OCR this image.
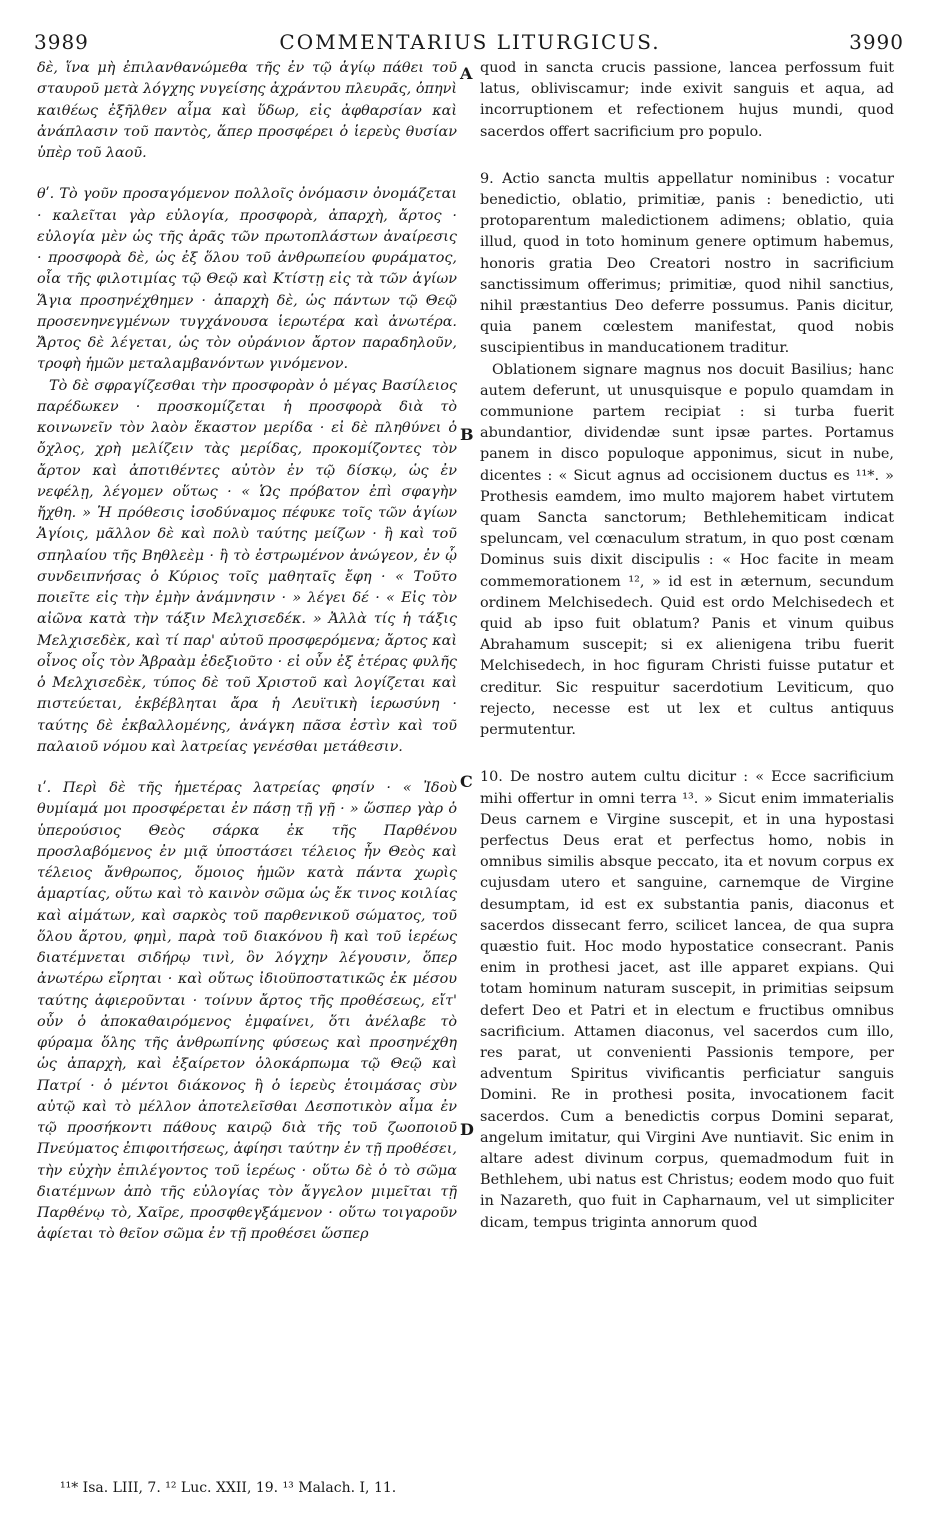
3989	COMMENTARIUS LITURGICUS.	3990

δὲ, ἵνα μὴ ἐπιλανθανώμεθα τῆς ἐν τῷ ἁγίῳ πάθει τοῦ σταυροῦ μετὰ λόγχης νυγείσης ἀχράντου πλευρᾶς, ὁπηνὶ καιθέως ἐξῆλθεν αἷμα καὶ ὕδωρ, εἰς ἀφθαρσίαν καὶ ἀνάπλασιν τοῦ παντὸς, ἅπερ προσφέρει ὁ ἱερεὺς θυσίαν ὑπὲρ τοῦ λαοῦ.

θʹ. Τὸ γοῦν προσαγόμενον πολλοῖς ὀνόμασιν ὀνομάζεται · καλεῖται γὰρ εὐλογία, προσφορὰ, ἀπαρχὴ, ἄρτος · εὐλογία μὲν ὡς τῆς ἀρᾶς τῶν πρωτοπλάστων ἀναίρεσις · προσφορὰ δὲ, ὡς ἐξ ὅλου τοῦ ἀνθρωπείου φυράματος, οἷα τῆς φιλοτιμίας τῷ Θεῷ καὶ Κτίστῃ εἰς τὰ τῶν ἁγίων Ἅγια προσηνέχθημεν · ἀπαρχὴ δὲ, ὡς πάντων τῷ Θεῷ προσενηνεγμένων τυγχάνουσα ἱερωτέρα καὶ ἀνωτέρα. Ἄρτος δὲ λέγεται, ὡς τὸν οὐράνιον ἄρτον παραδηλοῦν, τροφὴ ἡμῶν μεταλαμβανόντων γινόμενον.

Τὸ δὲ σφραγίζεσθαι τὴν προσφορὰν ὁ μέγας Βασίλειος παρέδωκεν · προσκομίζεται ἡ προσφορὰ διὰ τὸ κοινωνεῖν τὸν λαὸν ἕκαστον μερίδα · εἰ δὲ πληθύνει ὁ ὄχλος, χρὴ μελίζειν τὰς μερίδας, προκομίζοντες τὸν ἄρτον καὶ ἀποτιθέντες αὐτὸν ἐν τῷ δίσκῳ, ὡς ἐν νεφέλῃ, λέγομεν οὕτως · « Ὡς πρόβατον ἐπὶ σφαγὴν ἤχθη. » Ἡ πρόθεσις ἰσοδύναμος πέφυκε τοῖς τῶν ἁγίων Ἁγίοις, μᾶλλον δὲ καὶ πολὺ ταύτης μείζων · ἢ καὶ τοῦ σπηλαίου τῆς Βηθλεὲμ · ἢ τὸ ἐστρωμένον ἀνώγεον, ἐν ᾧ συνδειπνήσας ὁ Κύριος τοῖς μαθηταῖς ἔφη · « Τοῦτο ποιεῖτε εἰς τὴν ἐμὴν ἀνάμνησιν · » λέγει δέ · « Εἰς τὸν αἰῶνα κατὰ τὴν τάξιν Μελχισεδέκ. » Ἀλλὰ τίς ἡ τάξις Μελχισεδὲκ, καὶ τί παρ' αὐτοῦ προσφερόμενα; ἄρτος καὶ οἶνος οἷς τὸν Ἀβραὰμ ἐδεξιοῦτο · εἰ οὖν ἐξ ἑτέρας φυλῆς ὁ Μελχισεδὲκ, τύπος δὲ τοῦ Χριστοῦ καὶ λογίζεται καὶ πιστεύεται, ἐκβέβληται ἄρα ἡ Λευϊτικὴ ἱερωσύνη · ταύτης δὲ ἐκβαλλομένης, ἀνάγκη πᾶσα ἐστὶν καὶ τοῦ παλαιοῦ νόμου καὶ λατρείας γενέσθαι μετάθεσιν.

ιʹ. Περὶ δὲ τῆς ἡμετέρας λατρείας φησίν · « Ἰδοὺ θυμίαμά μοι προσφέρεται ἐν πάσῃ τῇ γῇ · » ὥσπερ γὰρ ὁ ὑπερούσιος Θεὸς σάρκα ἐκ τῆς Παρθένου προσλαβόμενος ἐν μιᾷ ὑποστάσει τέλειος ἦν Θεὸς καὶ τέλειος ἄνθρωπος, ὅμοιος ἡμῶν κατὰ πάντα χωρὶς ἁμαρτίας, οὕτω καὶ τὸ καινὸν σῶμα ὡς ἔκ τινος κοιλίας καὶ αἱμάτων, καὶ σαρκὸς τοῦ παρθενικοῦ σώματος, τοῦ ὅλου ἄρτου, φημὶ, παρὰ τοῦ διακόνου ἢ καὶ τοῦ ἱερέως διατέμνεται σιδήρῳ τινὶ, ὃν λόγχην λέγουσιν, ὅπερ ἀνωτέρω εἴρηται · καὶ οὕτως ἰδιοϋποστατικῶς ἐκ μέσου ταύτης ἀφιεροῦνται · τοίνυν ἄρτος τῆς προθέσεως, εἴτ' οὖν ὁ ἀποκαθαιρόμενος ἐμφαίνει, ὅτι ἀνέλαβε τὸ φύραμα ὅλης τῆς ἀνθρωπίνης φύσεως καὶ προσηνέχθη ὡς ἀπαρχὴ, καὶ ἐξαίρετον ὁλοκάρπωμα τῷ Θεῷ καὶ Πατρί · ὁ μέντοι διάκονος ἢ ὁ ἱερεὺς ἑτοιμάσας σὺν αὐτῷ καὶ τὸ μέλλον ἀποτελεῖσθαι Δεσποτικὸν αἷμα ἐν τῷ προσήκοντι πάθους καιρῷ διὰ τῆς τοῦ ζωοποιοῦ Πνεύματος ἐπιφοιτήσεως, ἀφίησι ταύτην ἐν τῇ προθέσει, τὴν εὐχὴν ἐπιλέγοντος τοῦ ἱερέως · οὕτω δὲ ὁ τὸ σῶμα διατέμνων ἀπὸ τῆς εὐλογίας τὸν ἄγγελον μιμεῖται τῇ Παρθένῳ τὸ, Χαῖρε, προσφθεγξάμενον · οὕτω τοιγαροῦν ἀφίεται τὸ θεῖον σῶμα ἐν τῇ προθέσει ὥσπερ

A
B
C
D

quod in sancta crucis passione, lancea perfossum fuit latus, obliviscamur; inde exivit sanguis et aqua, ad incorruptionem et refectionem hujus mundi, quod sacerdos offert sacrificium pro populo.

9. Actio sancta multis appellatur nominibus : vocatur benedictio, oblatio, primitiæ, panis : benedictio, uti protoparentum maledictionem adimens; oblatio, quia illud, quod in toto hominum genere optimum habemus, honoris gratia Deo Creatori nostro in sacrificium sanctissimum offerimus; primitiæ, quod nihil sanctius, nihil præstantius Deo deferre possumus. Panis dicitur, quia panem cœlestem manifestat, quod nobis suscipientibus in manducationem traditur.

Oblationem signare magnus nos docuit Basilius; hanc autem deferunt, ut unusquisque e populo quamdam in communione partem recipiat : si turba fuerit abundantior, dividendæ sunt ipsæ partes. Portamus panem in disco populoque apponimus, sicut in nube, dicentes : « Sicut agnus ad occisionem ductus es ¹¹*. » Prothesis eamdem, imo multo majorem habet virtutem quam Sancta sanctorum; Bethlehemiticam indicat speluncam, vel cœnaculum stratum, in quo post cœnam Dominus suis dixit discipulis : « Hoc facite in meam commemorationem ¹², » id est in æternum, secundum ordinem Melchisedech. Quid est ordo Melchisedech et quid ab ipso fuit oblatum? Panis et vinum quibus Abrahamum suscepit; si ex alienigena tribu fuerit Melchisedech, in hoc figuram Christi fuisse putatur et creditur. Sic respuitur sacerdotium Leviticum, quo rejecto, necesse est ut lex et cultus antiquus permutentur.

10. De nostro autem cultu dicitur : « Ecce sacrificium mihi offertur in omni terra ¹³. » Sicut enim immaterialis Deus carnem e Virgine suscepit, et in una hypostasi perfectus Deus erat et perfectus homo, nobis in omnibus similis absque peccato, ita et novum corpus ex cujusdam utero et sanguine, carnemque de Virgine desumptam, id est ex substantia panis, diaconus et sacerdos dissecant ferro, scilicet lancea, de qua supra quæstio fuit. Hoc modo hypostatice consecrant. Panis enim in prothesi jacet, ast ille apparet expians. Qui totam hominum naturam suscepit, in primitias seipsum defert Deo et Patri et in electum e fructibus omnibus sacrificium. Attamen diaconus, vel sacerdos cum illo, res parat, ut convenienti Passionis tempore, per adventum Spiritus vivificantis perficiatur sanguis Domini. Re in prothesi posita, invocationem facit sacerdos. Cum a benedictis corpus Domini separat, angelum imitatur, qui Virgini Ave nuntiavit. Sic enim in altare adest divinum corpus, quemadmodum fuit in Bethlehem, ubi natus est Christus; eodem modo quo fuit in Nazareth, quo fuit in Capharnaum, vel ut simpliciter dicam, tempus triginta annorum quod

¹¹* Isa. LIII, 7. ¹² Luc. XXII, 19. ¹³ Malach. I, 11.
